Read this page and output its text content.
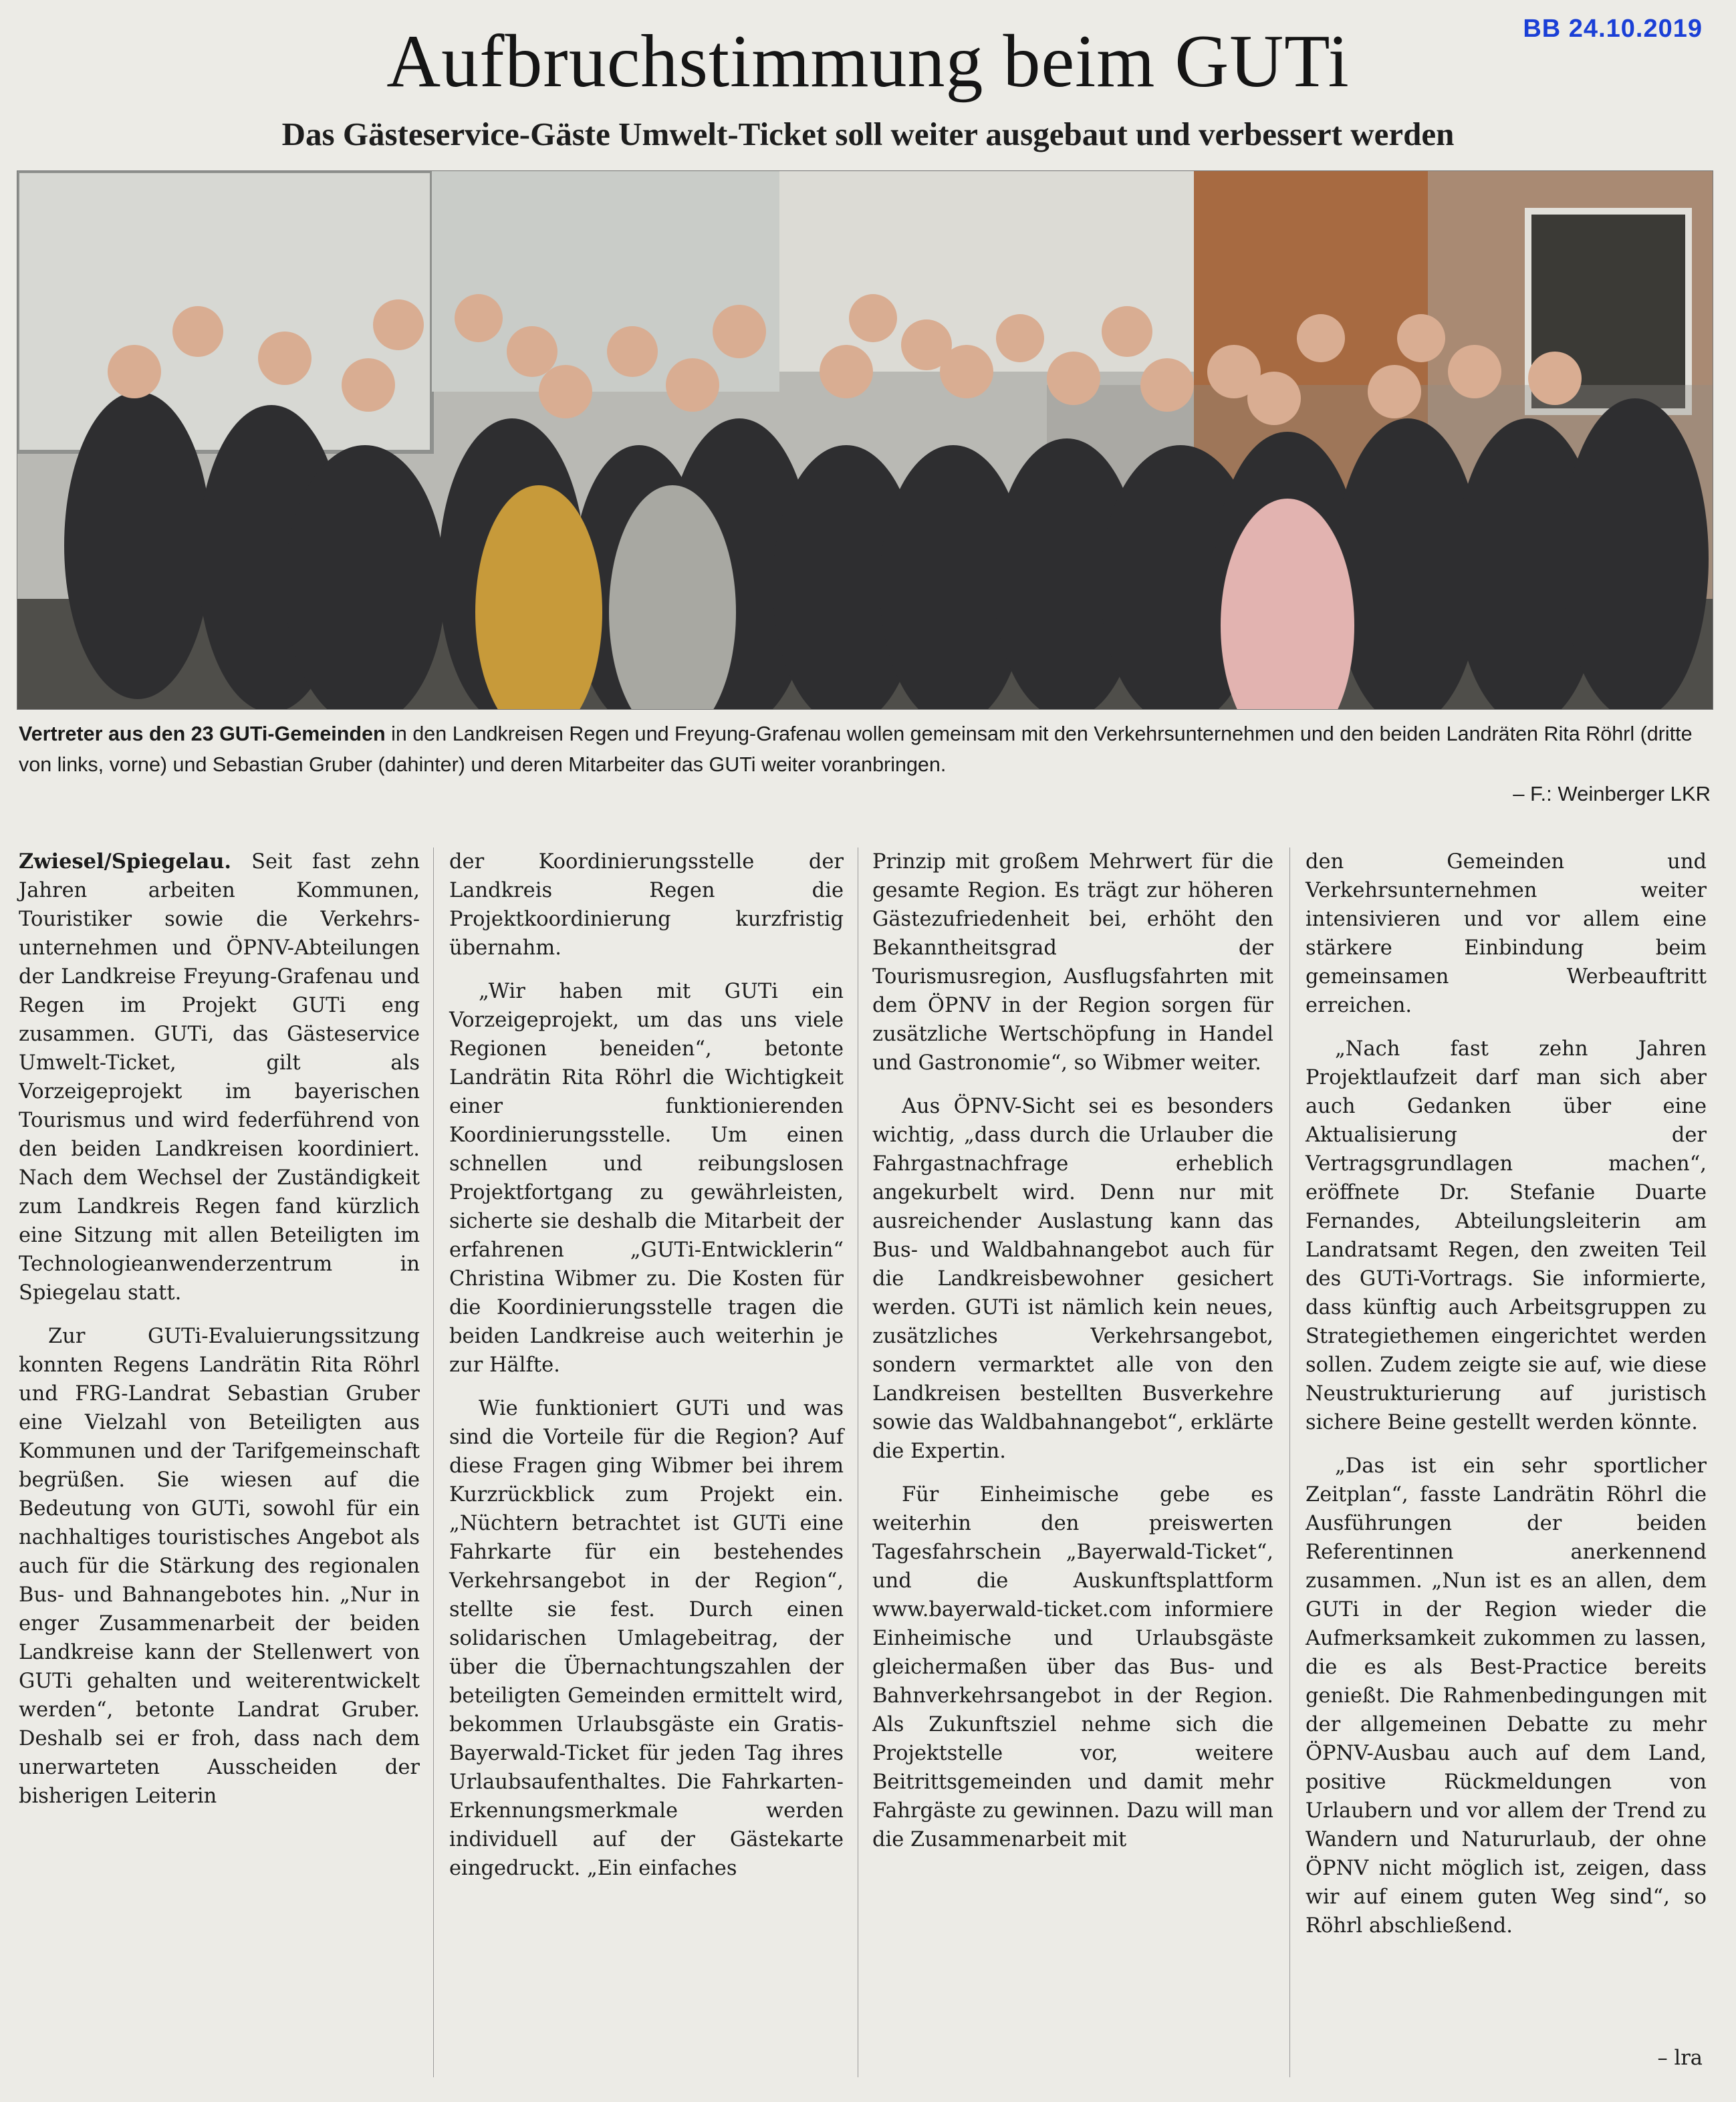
BB 24.10.2019
Aufbruchstimmung beim GUTi
Das Gästeservice-Gäste Umwelt-Ticket soll weiter ausgebaut und verbessert werden
Vertreter aus den 23 GUTi-Gemeinden in den Landkreisen Regen und Freyung-Grafenau wollen gemeinsam mit den Verkehrsunternehmen und den beiden Landräten Rita Röhrl (dritte von links, vorne) und Sebastian Gruber (dahinter) und deren Mitarbeiter das GUTi weiter voranbringen.
– F.: Weinberger LKR

Zwiesel/Spiegelau. Seit fast zehn Jahren arbeiten Kommunen, Touristiker sowie die Verkehrsunternehmen und ÖPNV-Abteilungen der Landkreise Freyung-Grafenau und Regen im Projekt GUTi eng zusammen. GUTi, das Gästeservice Umwelt-Ticket, gilt als Vorzeigeprojekt im bayerischen Tourismus und wird federführend von den beiden Landkreisen koordiniert. Nach dem Wechsel der Zuständigkeit zum Landkreis Regen fand kürzlich eine Sitzung mit allen Beteiligten im Technologieanwenderzentrum in Spiegelau statt.

Zur GUTi-Evaluierungssitzung konnten Regens Landrätin Rita Röhrl und FRG-Landrat Sebastian Gruber eine Vielzahl von Beteiligten aus Kommunen und der Tarifgemeinschaft begrüßen. Sie wiesen auf die Bedeutung von GUTi, sowohl für ein nachhaltiges touristisches Angebot als auch für die Stärkung des regionalen Bus- und Bahnangebotes hin. „Nur in enger Zusammenarbeit der beiden Landkreise kann der Stellenwert von GUTi gehalten und weiterentwickelt werden“, betonte Landrat Gruber. Deshalb sei er froh, dass nach dem unerwarteten Ausscheiden der bisherigen Leiterin

der Koordinierungsstelle der Landkreis Regen die Projektkoordinierung kurzfristig übernahm.

„Wir haben mit GUTi ein Vorzeigeprojekt, um das uns viele Regionen beneiden“, betonte Landrätin Rita Röhrl die Wichtigkeit einer funktionierenden Koordinierungsstelle. Um einen schnellen und reibungslosen Projektfortgang zu gewährleisten, sicherte sie deshalb die Mitarbeit der erfahrenen „GUTi-Entwicklerin“ Christina Wibmer zu. Die Kosten für die Koordinierungsstelle tragen die beiden Landkreise auch weiterhin je zur Hälfte.

Wie funktioniert GUTi und was sind die Vorteile für die Region? Auf diese Fragen ging Wibmer bei ihrem Kurzrückblick zum Projekt ein. „Nüchtern betrachtet ist GUTi eine Fahrkarte für ein bestehendes Verkehrsangebot in der Region“, stellte sie fest. Durch einen solidarischen Umlagebeitrag, der über die Übernachtungszahlen der beteiligten Gemeinden ermittelt wird, bekommen Urlaubsgäste ein Gratis-Bayerwald-Ticket für jeden Tag ihres Urlaubsaufenthaltes. Die Fahrkarten-Erkennungsmerkmale werden individuell auf der Gästekarte eingedruckt. „Ein einfaches

Prinzip mit großem Mehrwert für die gesamte Region. Es trägt zur höheren Gästezufriedenheit bei, erhöht den Bekanntheitsgrad der Tourismusregion, Ausflugsfahrten mit dem ÖPNV in der Region sorgen für zusätzliche Wertschöpfung in Handel und Gastronomie“, so Wibmer weiter.

Aus ÖPNV-Sicht sei es besonders wichtig, „dass durch die Urlauber die Fahrgastnachfrage erheblich angekurbelt wird. Denn nur mit ausreichender Auslastung kann das Bus- und Waldbahnangebot auch für die Landkreisbewohner gesichert werden. GUTi ist nämlich kein neues, zusätzliches Verkehrsangebot, sondern vermarktet alle von den Landkreisen bestellten Busverkehre sowie das Waldbahnangebot“, erklärte die Expertin.

Für Einheimische gebe es weiterhin den preiswerten Tagesfahrschein „Bayerwald-Ticket“, und die Auskunftsplattform www.bayerwald-ticket.com informiere Einheimische und Urlaubsgäste gleichermaßen über das Bus- und Bahnverkehrsangebot in der Region. Als Zukunftsziel nehme sich die Projektstelle vor, weitere Beitrittsgemeinden und damit mehr Fahrgäste zu gewinnen. Dazu will man die Zusammenarbeit mit

den Gemeinden und Verkehrsunternehmen weiter intensivieren und vor allem eine stärkere Einbindung beim gemeinsamen Werbeauftritt erreichen.

„Nach fast zehn Jahren Projektlaufzeit darf man sich aber auch Gedanken über eine Aktualisierung der Vertragsgrundlagen machen“, eröffnete Dr. Stefanie Duarte Fernandes, Abteilungsleiterin am Landratsamt Regen, den zweiten Teil des GUTi-Vortrags. Sie informierte, dass künftig auch Arbeitsgruppen zu Strategiethemen eingerichtet werden sollen. Zudem zeigte sie auf, wie diese Neustrukturierung auf juristisch sichere Beine gestellt werden könnte.

„Das ist ein sehr sportlicher Zeitplan“, fasste Landrätin Röhrl die Ausführungen der beiden Referentinnen anerkennend zusammen. „Nun ist es an allen, dem GUTi in der Region wieder die Aufmerksamkeit zukommen zu lassen, die es als Best-Practice bereits genießt. Die Rahmenbedingungen mit der allgemeinen Debatte zu mehr ÖPNV-Ausbau auch auf dem Land, positive Rückmeldungen von Urlaubern und vor allem der Trend zu Wandern und Natururlaub, der ohne ÖPNV nicht möglich ist, zeigen, dass wir auf einem guten Weg sind“, so Röhrl abschließend.

– lra
